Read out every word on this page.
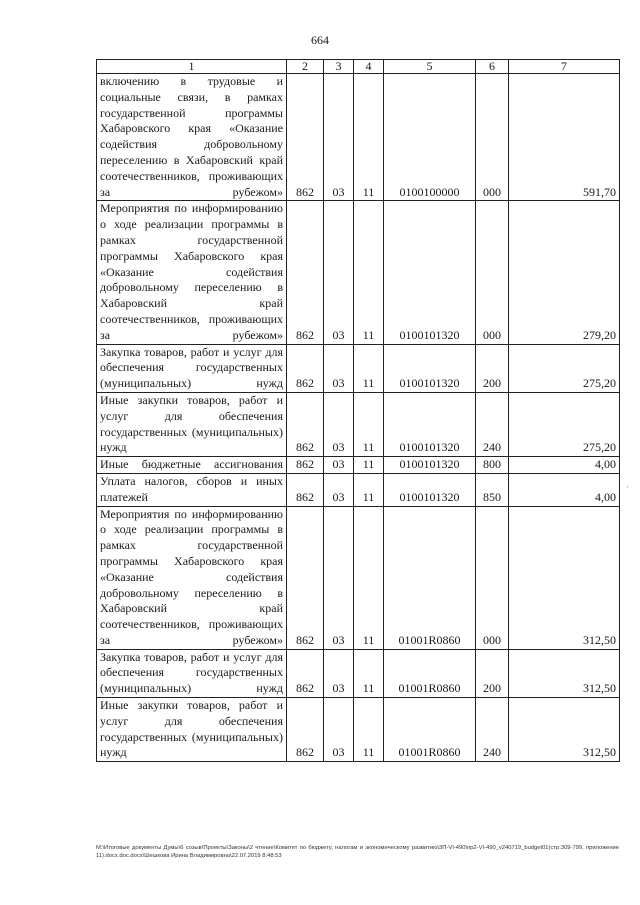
664
·
1	2	3	4	5	6	7
включению в трудовые и социальные связи, в рамках государственной программы Хабаровского края «Оказание содействия добровольному переселению в Хабаровский край соотечественников, проживающих за рубежом»	862	03	11	0100100000	000	591,70
Мероприятия по информированию о ходе реализации программы в рамках государственной программы Хабаровского края «Оказание содействия добровольному переселению в Хабаровский край соотечественников, проживающих за рубежом»	862	03	11	0100101320	000	279,20
Закупка товаров, работ и услуг для обеспечения государственных (муниципальных) нужд	862	03	11	0100101320	200	275,20
Иные закупки товаров, работ и услуг для обеспечения государственных (муниципальных) нужд	862	03	11	0100101320	240	275,20
Иные бюджетные ассигнования	862	03	11	0100101320	800	4,00
Уплата налогов, сборов и иных платежей	862	03	11	0100101320	850	4,00
Мероприятия по информированию о ходе реализации программы в рамках государственной программы Хабаровского края «Оказание содействия добровольному переселению в Хабаровский край соотечественников, проживающих за рубежом»	862	03	11	01001R0860	000	312,50
Закупка товаров, работ и услуг для обеспечения государственных (муниципальных) нужд	862	03	11	01001R0860	200	312,50
Иные закупки товаров, работ и услуг для обеспечения государственных (муниципальных) нужд	862	03	11	01001R0860	240	312,50
M:\Итоговые документы Думы\6 созыв\Проекты\Законы\2 чтение\Комитет по бюджету, налогам и экономическому развитию\3П-VI-490\пр2-VI-490_v240719_budget01(стр.309-799, приложение 11).docx.doc.docx\Шешкова Ирина Владимировна\22.07.2019 8:48:53
